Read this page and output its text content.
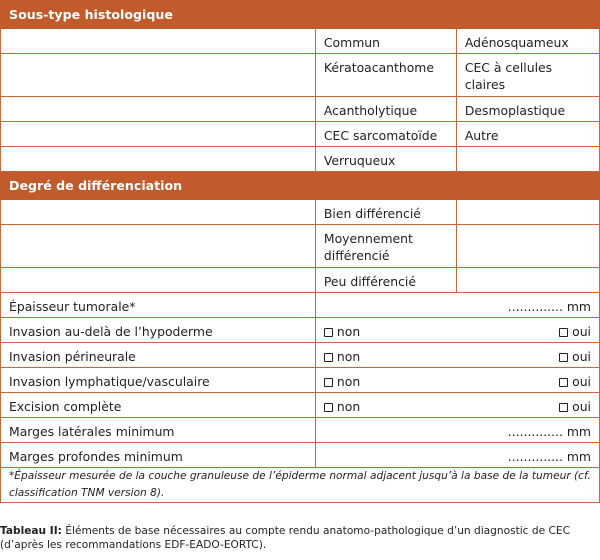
Sous-type histologique		
	Commun	Adénosquameux
	Kératoacanthome	CEC à cellules claires
	Acantholytique	Desmoplastique
	CEC sarcomatoïde	Autre
	Verruqueux	
Degré de différenciation		
	Bien différencié	
	Moyennement différencié	
	Peu différencié	
Épaisseur tumorale*	.............. mm	
Invasion au-delà de l’hypoderme	non oui	

Invasion périneurale	non oui	

Invasion lymphatique/vasculaire	non oui	

Excision complète	non oui	

Marges latérales minimum	.............. mm	
Marges profondes minimum	.............. mm	
*Épaisseur mesurée de la couche granuleuse de l’épiderme normal adjacent jusqu’à la base de la tumeur (cf. classification TNM version 8).		
Tableau II: Éléments de base nécessaires au compte rendu anatomo-pathologique d’un diagnostic de CEC (d’après les recommandations EDF-EADO-EORTC).
